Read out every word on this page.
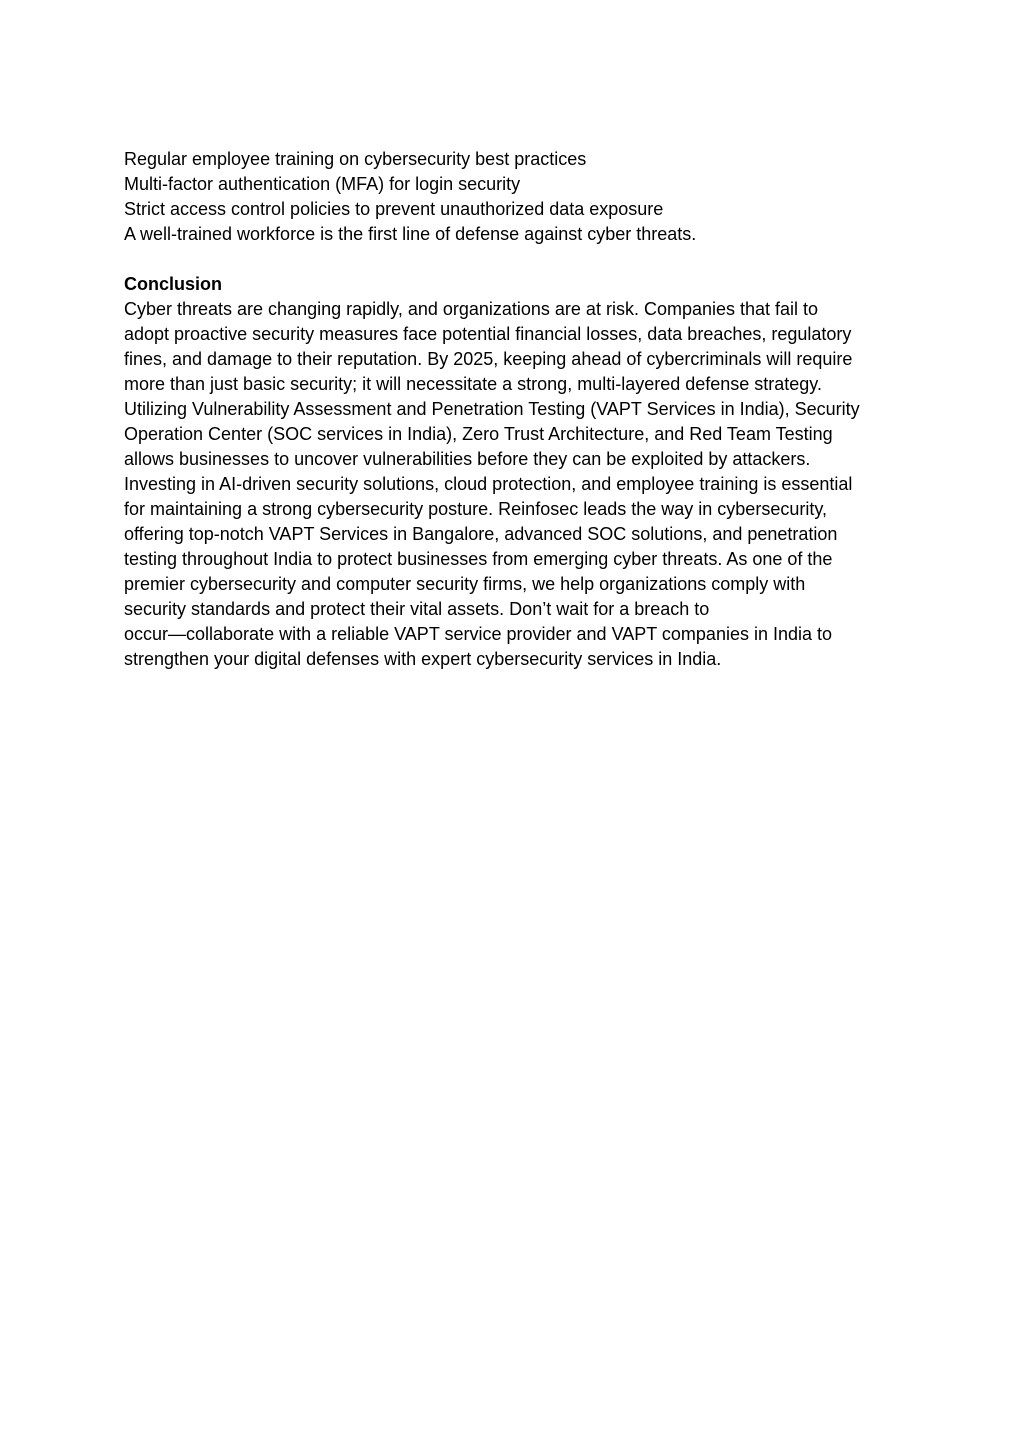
Regular employee training on cybersecurity best practices
Multi-factor authentication (MFA) for login security
Strict access control policies to prevent unauthorized data exposure
A well-trained workforce is the first line of defense against cyber threats.
Conclusion
Cyber threats are changing rapidly, and organizations are at risk. Companies that fail to
adopt proactive security measures face potential financial losses, data breaches, regulatory
fines, and damage to their reputation. By 2025, keeping ahead of cybercriminals will require
more than just basic security; it will necessitate a strong, multi-layered defense strategy.
Utilizing Vulnerability Assessment and Penetration Testing (VAPT Services in India), Security
Operation Center (SOC services in India), Zero Trust Architecture, and Red Team Testing
allows businesses to uncover vulnerabilities before they can be exploited by attackers.
Investing in AI-driven security solutions, cloud protection, and employee training is essential
for maintaining a strong cybersecurity posture. Reinfosec leads the way in cybersecurity,
offering top-notch VAPT Services in Bangalore, advanced SOC solutions, and penetration
testing throughout India to protect businesses from emerging cyber threats. As one of the
premier cybersecurity and computer security firms, we help organizations comply with
security standards and protect their vital assets. Don’t wait for a breach to
occur—collaborate with a reliable VAPT service provider and VAPT companies in India to
strengthen your digital defenses with expert cybersecurity services in India.
